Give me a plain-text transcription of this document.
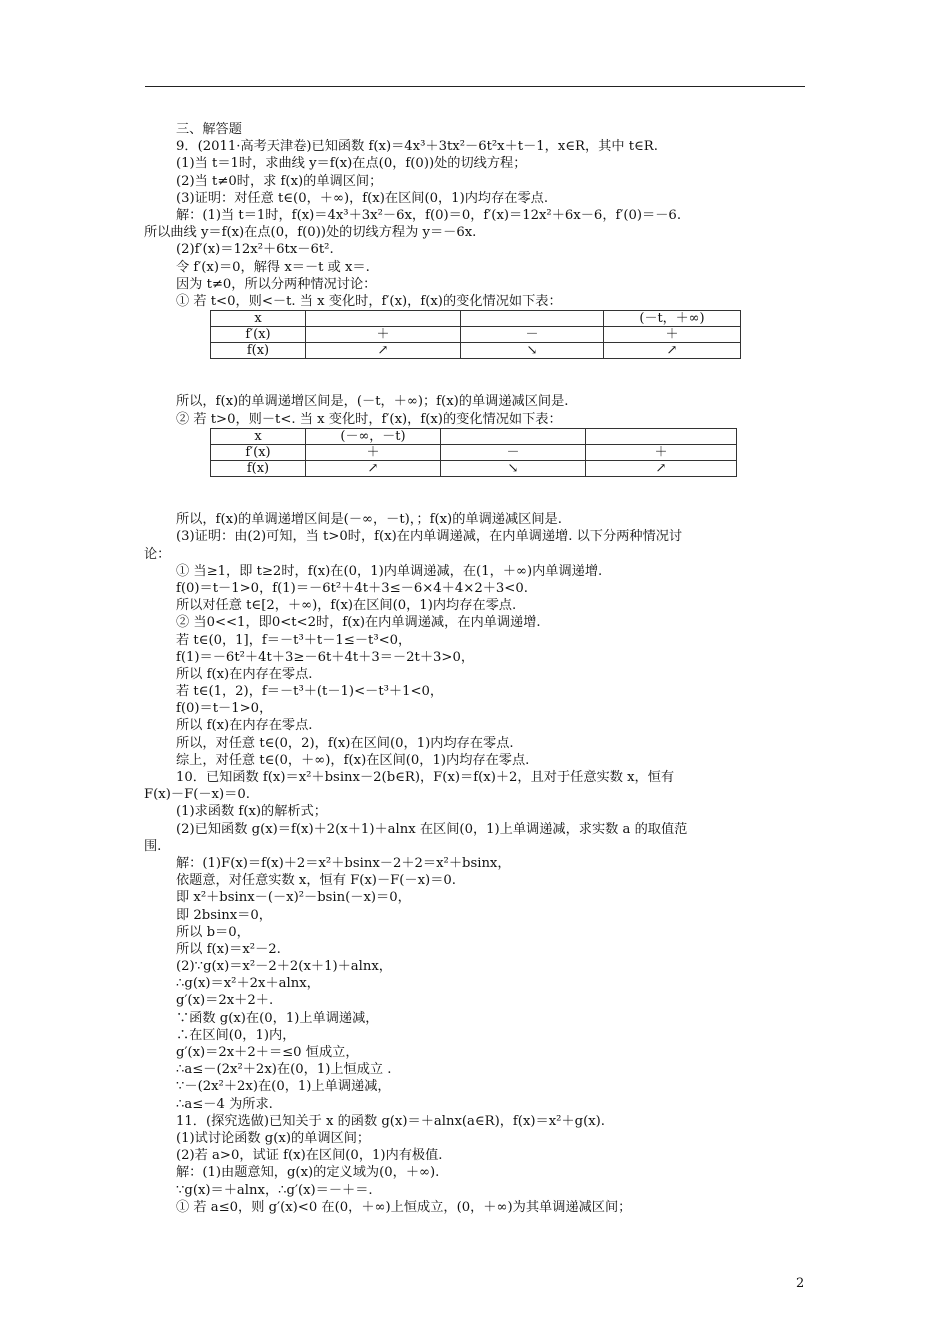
三、解答题
9．(2011·高考天津卷)已知函数 f(x)＝4x³＋3tx²－6t²x＋t－1，x∈R，其中 t∈R.
(1)当 t＝1时，求曲线 y＝f(x)在点(0，f(0))处的切线方程；
(2)当 t≠0时，求 f(x)的单调区间；
(3)证明：对任意 t∈(0，＋∞)，f(x)在区间(0，1)内均存在零点.
解：(1)当 t＝1时，f(x)＝4x³＋3x²－6x，f(0)＝0，f′(x)＝12x²＋6x－6，f′(0)＝－6.
所以曲线 y＝f(x)在点(0，f(0))处的切线方程为 y＝－6x.
(2)f′(x)＝12x²＋6tx－6t².
令 f′(x)＝0，解得 x＝－t 或 x＝.
因为 t≠0，所以分两种情况讨论：
① 若 t<0，则<－t. 当 x 变化时，f′(x)，f(x)的变化情况如下表：
x			(－t，＋∞)
f′(x)	＋	－	＋
f(x)	↗	↘	↗
所以，f(x)的单调递增区间是，(－t，＋∞)；f(x)的单调递减区间是.
② 若 t>0，则－t<. 当 x 变化时，f′(x)，f(x)的变化情况如下表：
x	(－∞，－t)		
f′(x)	＋	－	＋
f(x)	↗	↘	↗
所以，f(x)的单调递增区间是(－∞，－t)，；f(x)的单调递减区间是.
(3)证明：由(2)可知，当 t>0时，f(x)在内单调递减，在内单调递增. 以下分两种情况讨
论：
① 当≥1，即 t≥2时，f(x)在(0，1)内单调递减，在(1，＋∞)内单调递增.
f(0)＝t－1>0，f(1)＝－6t²＋4t＋3≤－6×4＋4×2＋3<0.
所以对任意 t∈[2，＋∞)，f(x)在区间(0，1)内均存在零点.
② 当0<<1，即0<t<2时，f(x)在内单调递减，在内单调递增.
若 t∈(0，1]，f＝－t³＋t－1≤－t³<0，
f(1)＝－6t²＋4t＋3≥－6t＋4t＋3＝－2t＋3>0，
所以 f(x)在内存在零点.
若 t∈(1，2)，f＝－t³＋(t－1)<－t³＋1<0，
f(0)＝t－1>0，
所以 f(x)在内存在零点.
所以，对任意 t∈(0，2)，f(x)在区间(0，1)内均存在零点.
综上，对任意 t∈(0，＋∞)，f(x)在区间(0，1)内均存在零点.
10．已知函数 f(x)＝x²＋bsinx－2(b∈R)，F(x)＝f(x)＋2，且对于任意实数 x，恒有
F(x)－F(－x)＝0.
(1)求函数 f(x)的解析式；
(2)已知函数 g(x)＝f(x)＋2(x＋1)＋alnx 在区间(0，1)上单调递减，求实数 a 的取值范
围.
解：(1)F(x)＝f(x)＋2＝x²＋bsinx－2＋2＝x²＋bsinx，
依题意，对任意实数 x，恒有 F(x)－F(－x)＝0.
即 x²＋bsinx－(－x)²－bsin(－x)＝0，
即 2bsinx＝0，
所以 b＝0，
所以 f(x)＝x²－2.
(2)∵g(x)＝x²－2＋2(x＋1)＋alnx，
∴g(x)＝x²＋2x＋alnx，
g′(x)＝2x＋2＋.
∵函数 g(x)在(0，1)上单调递减，
∴在区间(0，1)内，
g′(x)＝2x＋2＋＝≤0 恒成立，
∴a≤－(2x²＋2x)在(0，1)上恒成立 .
∵－(2x²＋2x)在(0，1)上单调递减，
∴a≤－4 为所求.
11．(探究选做)已知关于 x 的函数 g(x)＝＋alnx(a∈R)，f(x)＝x²＋g(x).
(1)试讨论函数 g(x)的单调区间；
(2)若 a>0，试证 f(x)在区间(0，1)内有极值.
解：(1)由题意知，g(x)的定义域为(0，＋∞).
∵g(x)＝＋alnx，∴g′(x)＝－＋＝.
① 若 a≤0，则 g′(x)<0 在(0，＋∞)上恒成立，(0，＋∞)为其单调递减区间；
2
